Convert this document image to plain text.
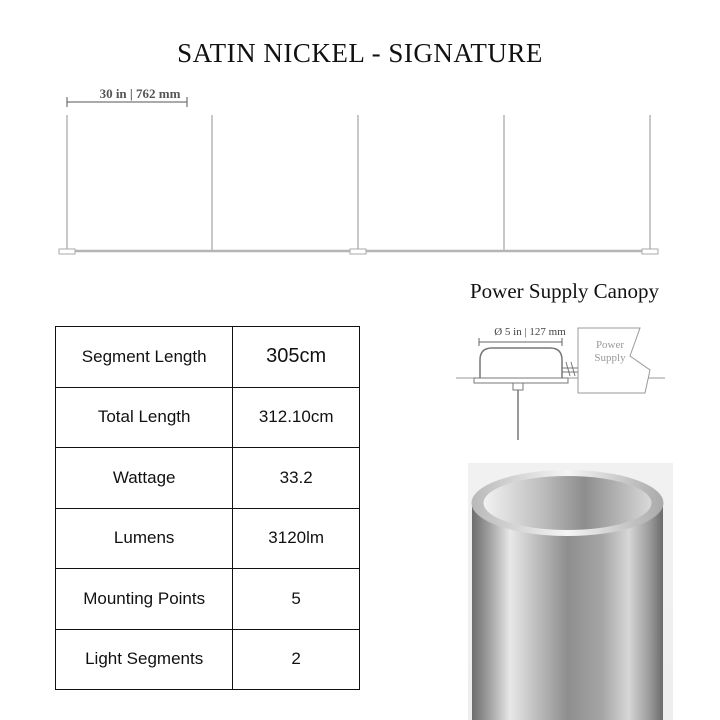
SATIN NICKEL - SIGNATURE
30 in | 762 mm
Power Supply Canopy
Ø 5 in | 127 mm
Power
Supply
Segment Length	305cm
Total Length	312.10cm
Wattage	33.2
Lumens	3120lm
Mounting Points	5
Light Segments	2
